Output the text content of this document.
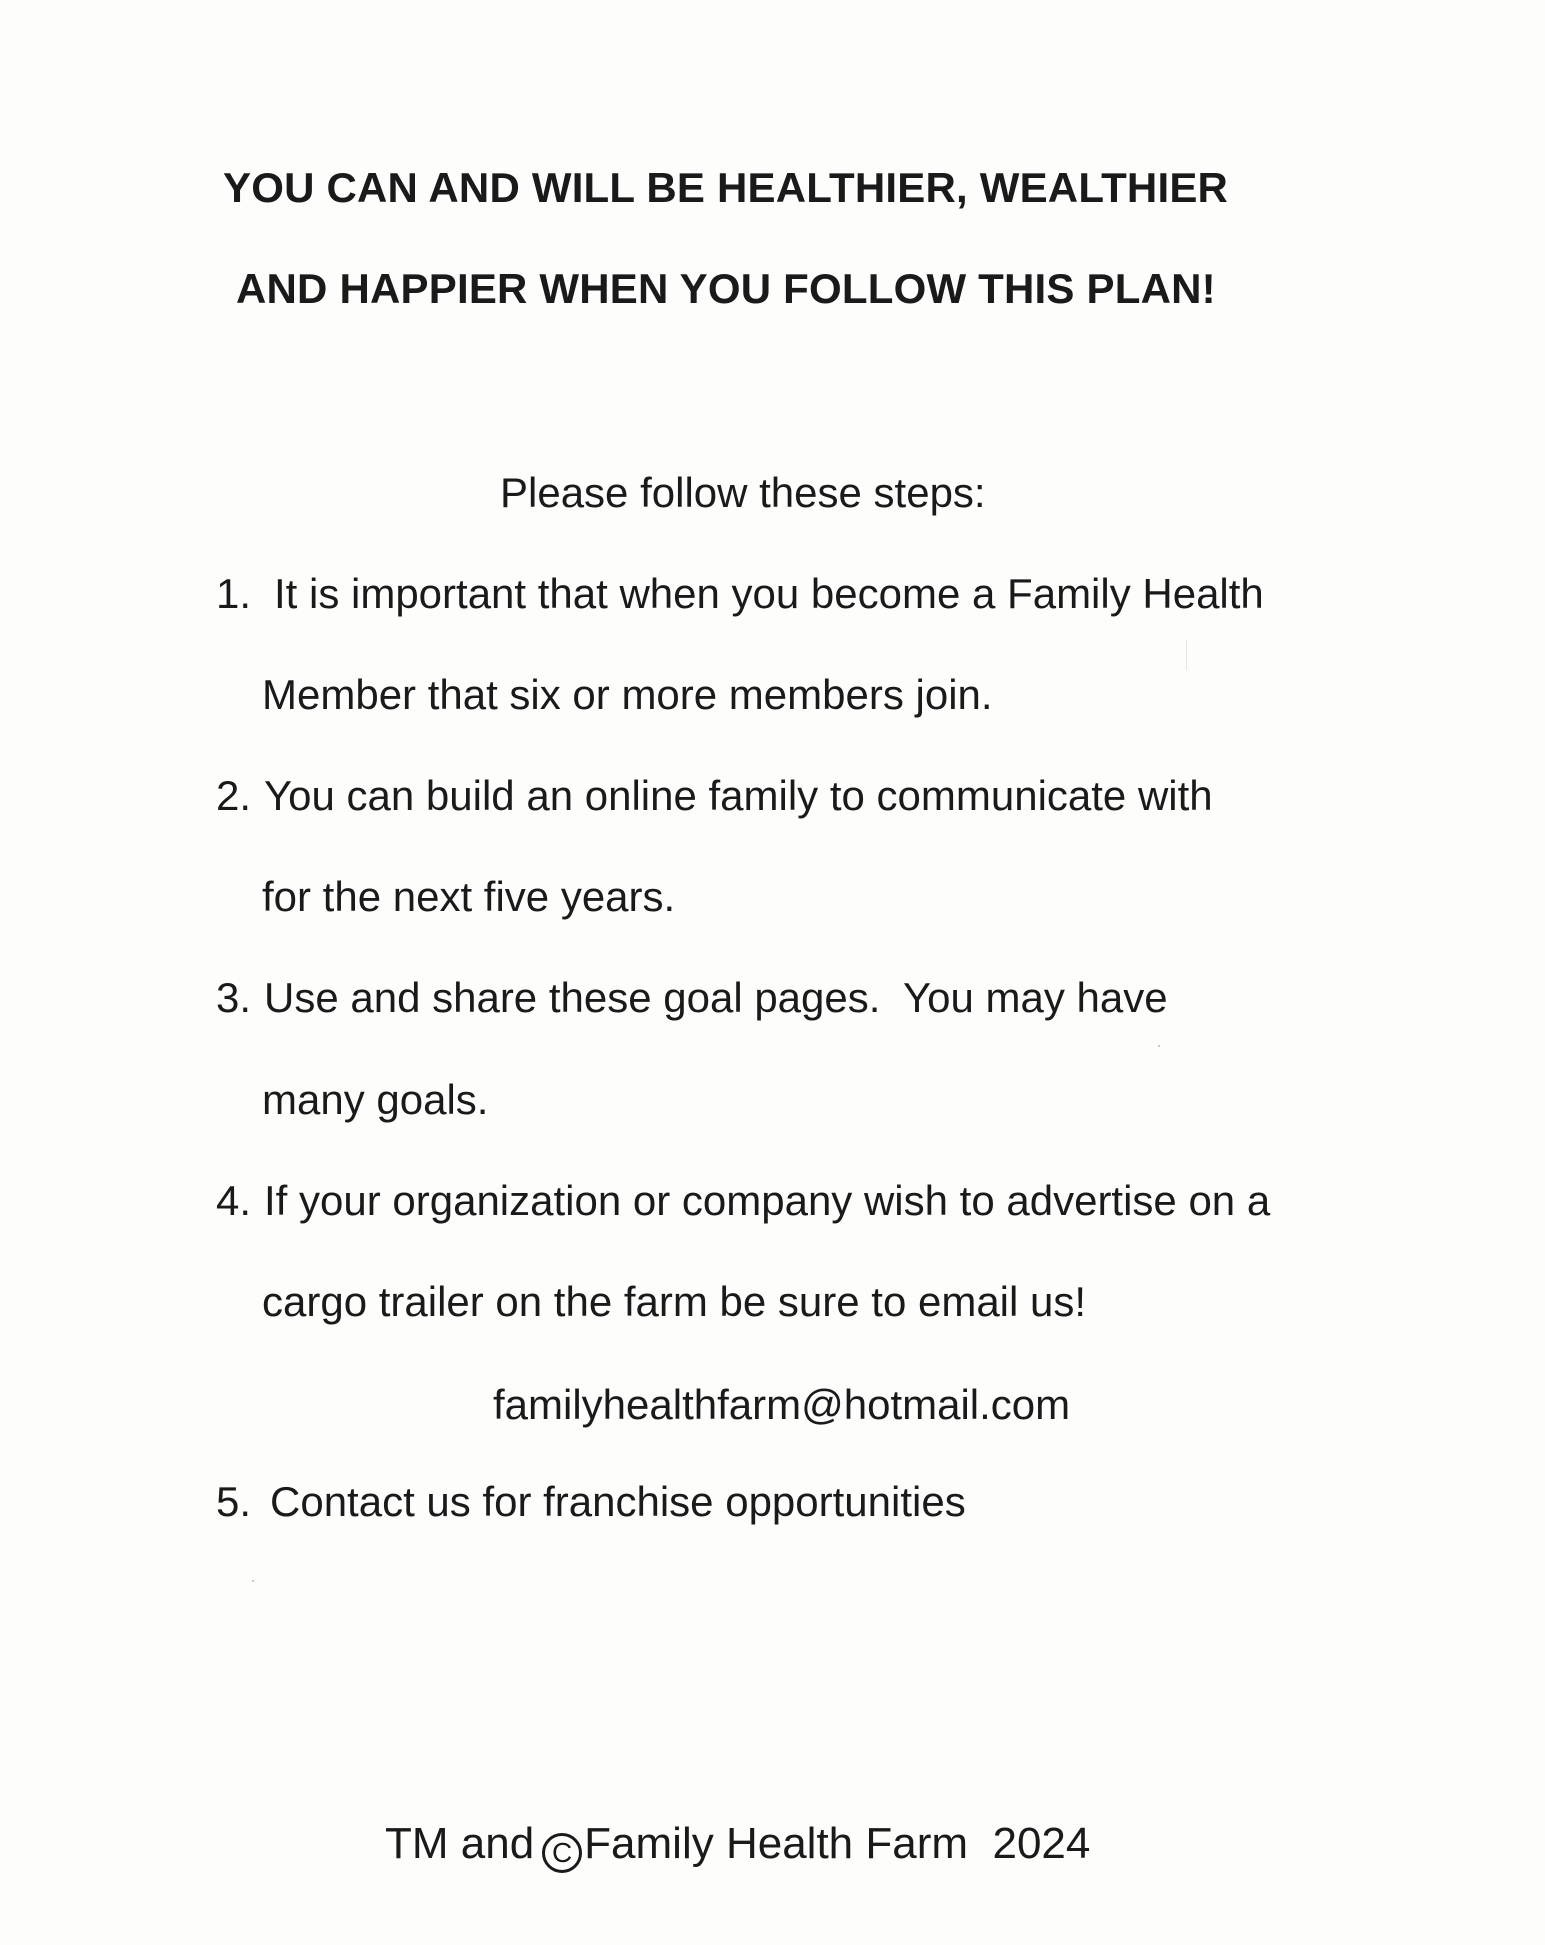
YOU CAN AND WILL BE HEALTHIER, WEALTHIER
AND HAPPIER WHEN YOU FOLLOW THIS PLAN!
Please follow these steps:
1. It is important that when you become a Family Health
Member that six or more members join.
2. You can build an online family to communicate with
for the next five years.
3. Use and share these goal pages.  You may have
many goals.
4. If your organization or company wish to advertise on a
cargo trailer on the farm be sure to email us!
familyhealthfarm@hotmail.com
5. Contact us for franchise opportunities
TM and C Family Health Farm 2024
